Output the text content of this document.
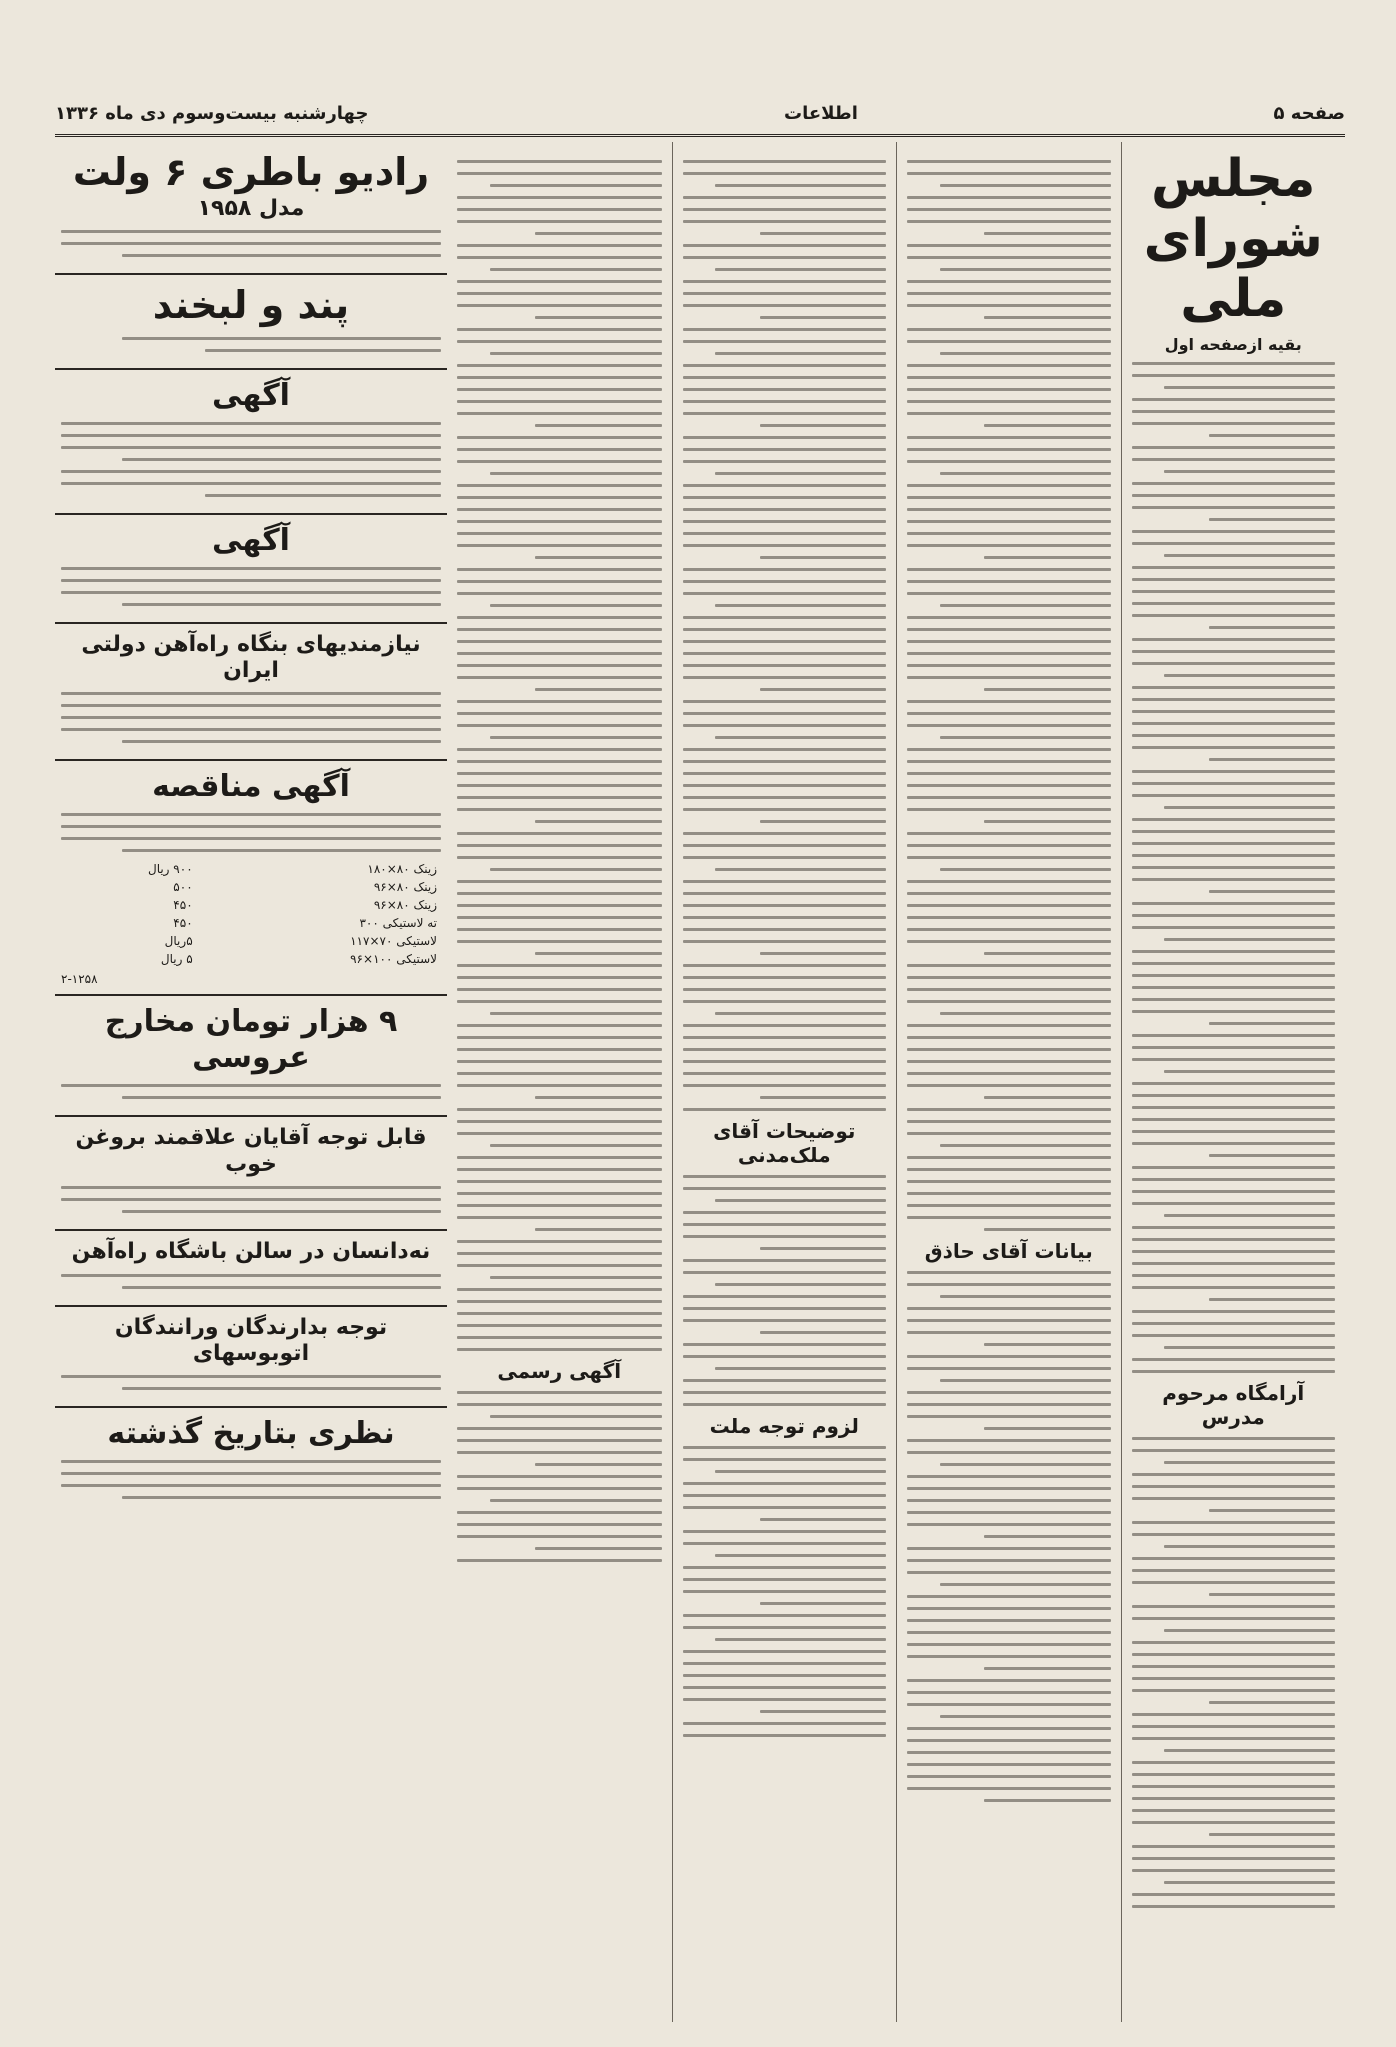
صفحه ۵
اطلاعات
چهارشنبه بیست‌وسوم دی ماه ۱۳۳۶
مجلس شورای ملی
بقیه ازصفحه اول
آرامگاه مرحوم مدرس
بیانات آقای حاذق
توضیحات آقای ملک‌مدنی
لزوم توجه ملت
آگهی رسمی
رادیو باطری ۶ ولت
مدل ۱۹۵۸
پند و لبخند
آگهی
آگهی
نیازمندیهای بنگاه راه‌آهن دولتی ایران
آگهی مناقصه
زینک ۸۰×۱۸۰	۹۰۰ ریال
زینک ۸۰×۹۶	۵۰۰
زینک ۸۰×۹۶	۴۵۰
ته لاستیکی ۳۰۰	۴۵۰
لاستیکی ۷۰×۱۱۷	۵ریال
لاستیکی ۱۰۰×۹۶	۵ ریال
۲-۱۲۵۸
۹ هزار تومان مخارج عروسی
قابل توجه آقایان علاقمند بروغن خوب
نه‌دانسان در سالن باشگاه راه‌آهن
توجه بدارندگان ورانندگان اتوبوسهای
نظری بتاریخ گذشته
